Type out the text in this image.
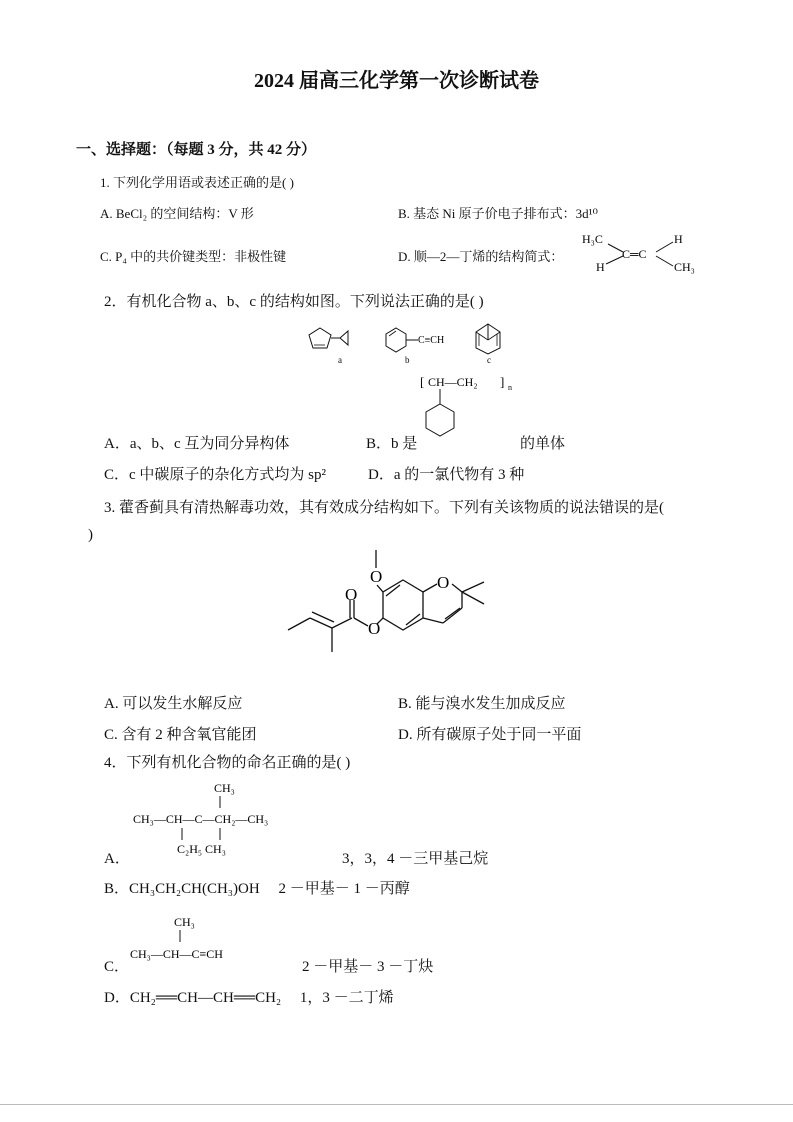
2024 届高三化学第一次诊断试卷
一、选择题：（每题 3 分，共 42 分）
1. 下列化学用语或表述正确的是( )
A. BeCl₂ 的空间结构：V 形	B. 基态 Ni 原子价电子排布式：3d¹⁰
C. P₄ 中的共价键类型：非极性键	D. 顺—2—丁烯的结构简式：
H₃C	H
H	CH₃
C═C
2．有机化合物 a、b、c 的结构如图。下列说法正确的是( )
a
C≡CH
b	c
[ CH—CH₂ ] n
A．a、b、c 互为同分异构体	B．b 是	的单体
C．c 中碳原子的杂化方式均为 sp²	D．a 的一氯代物有 3 种
3. 藿香蓟具有清热解毒功效，其有效成分结构如下。下列有关该物质的说法错误的是(
)
O	O
O
O
A. 可以发生水解反应	B. 能与溴水发生加成反应
C. 含有 2 种含氧官能团	D. 所有碳原子处于同一平面
4．下列有机化合物的命名正确的是( )
CH₃
CH₃—CH—C—CH₂—CH₃
C₂H₅ CH₃
A．	3，3，4 －三甲基己烷
B．CH₃CH₂CH(CH₃)OH　 2 －甲基－ 1 －丙醇
CH₃
CH₃—CH—C≡CH
C．	2 －甲基－ 3 －丁炔
D．CH₂══CH—CH══CH₂　 1，3 －二丁烯
